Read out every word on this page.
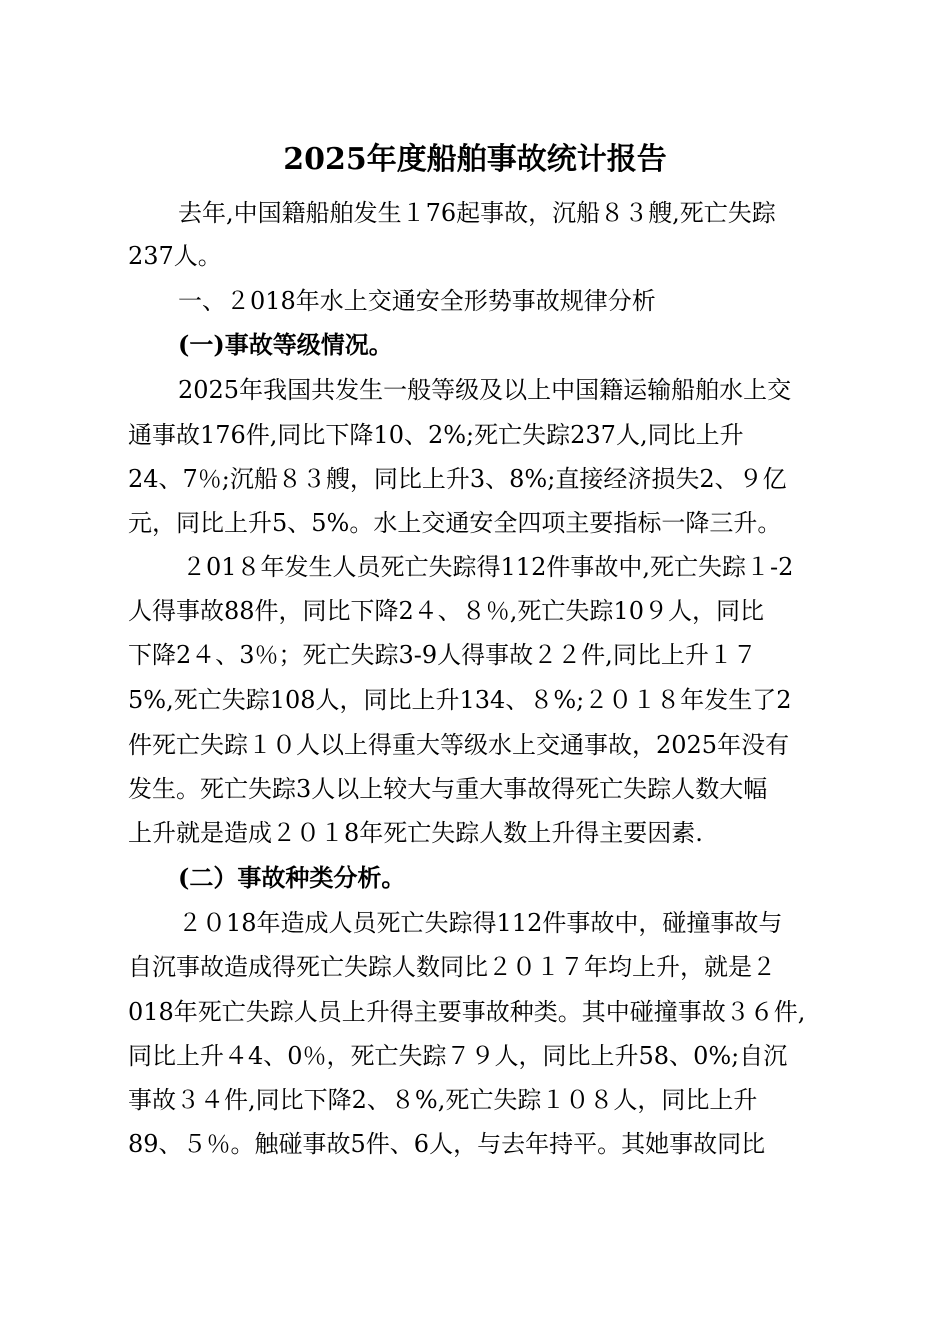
2025年度船舶事故统计报告
去年,中国籍船舶发生１76起事故，沉船８３艘,死亡失踪
237人。
一、２018年水上交通安全形势事故规律分析
(一)事故等级情况。
2025年我国共发生一般等级及以上中国籍运输船舶水上交
通事故176件,同比下降10、2%;死亡失踪237人,同比上升
24、7％;沉船８３艘，同比上升3、8%;直接经济损失2、９亿
元，同比上升5、5%。水上交通安全四项主要指标一降三升。
２01８年发生人员死亡失踪得112件事故中,死亡失踪１-2
人得事故88件，同比下降2４、８％,死亡失踪10９人，同比
下降2４、3％；死亡失踪3-9人得事故２２件,同比上升１７
5%,死亡失踪108人，同比上升134、８%;２０１８年发生了2
件死亡失踪１０人以上得重大等级水上交通事故，2025年没有
发生。死亡失踪3人以上较大与重大事故得死亡失踪人数大幅
上升就是造成２０１8年死亡失踪人数上升得主要因素.
(二）事故种类分析。
２０18年造成人员死亡失踪得112件事故中，碰撞事故与
自沉事故造成得死亡失踪人数同比２０１７年均上升，就是２
018年死亡失踪人员上升得主要事故种类。其中碰撞事故３６件,
同比上升４4、0％，死亡失踪７９人，同比上升58、0%;自沉
事故３４件,同比下降2、８%,死亡失踪１０８人，同比上升
89、５％。触碰事故5件、6人，与去年持平。其她事故同比
